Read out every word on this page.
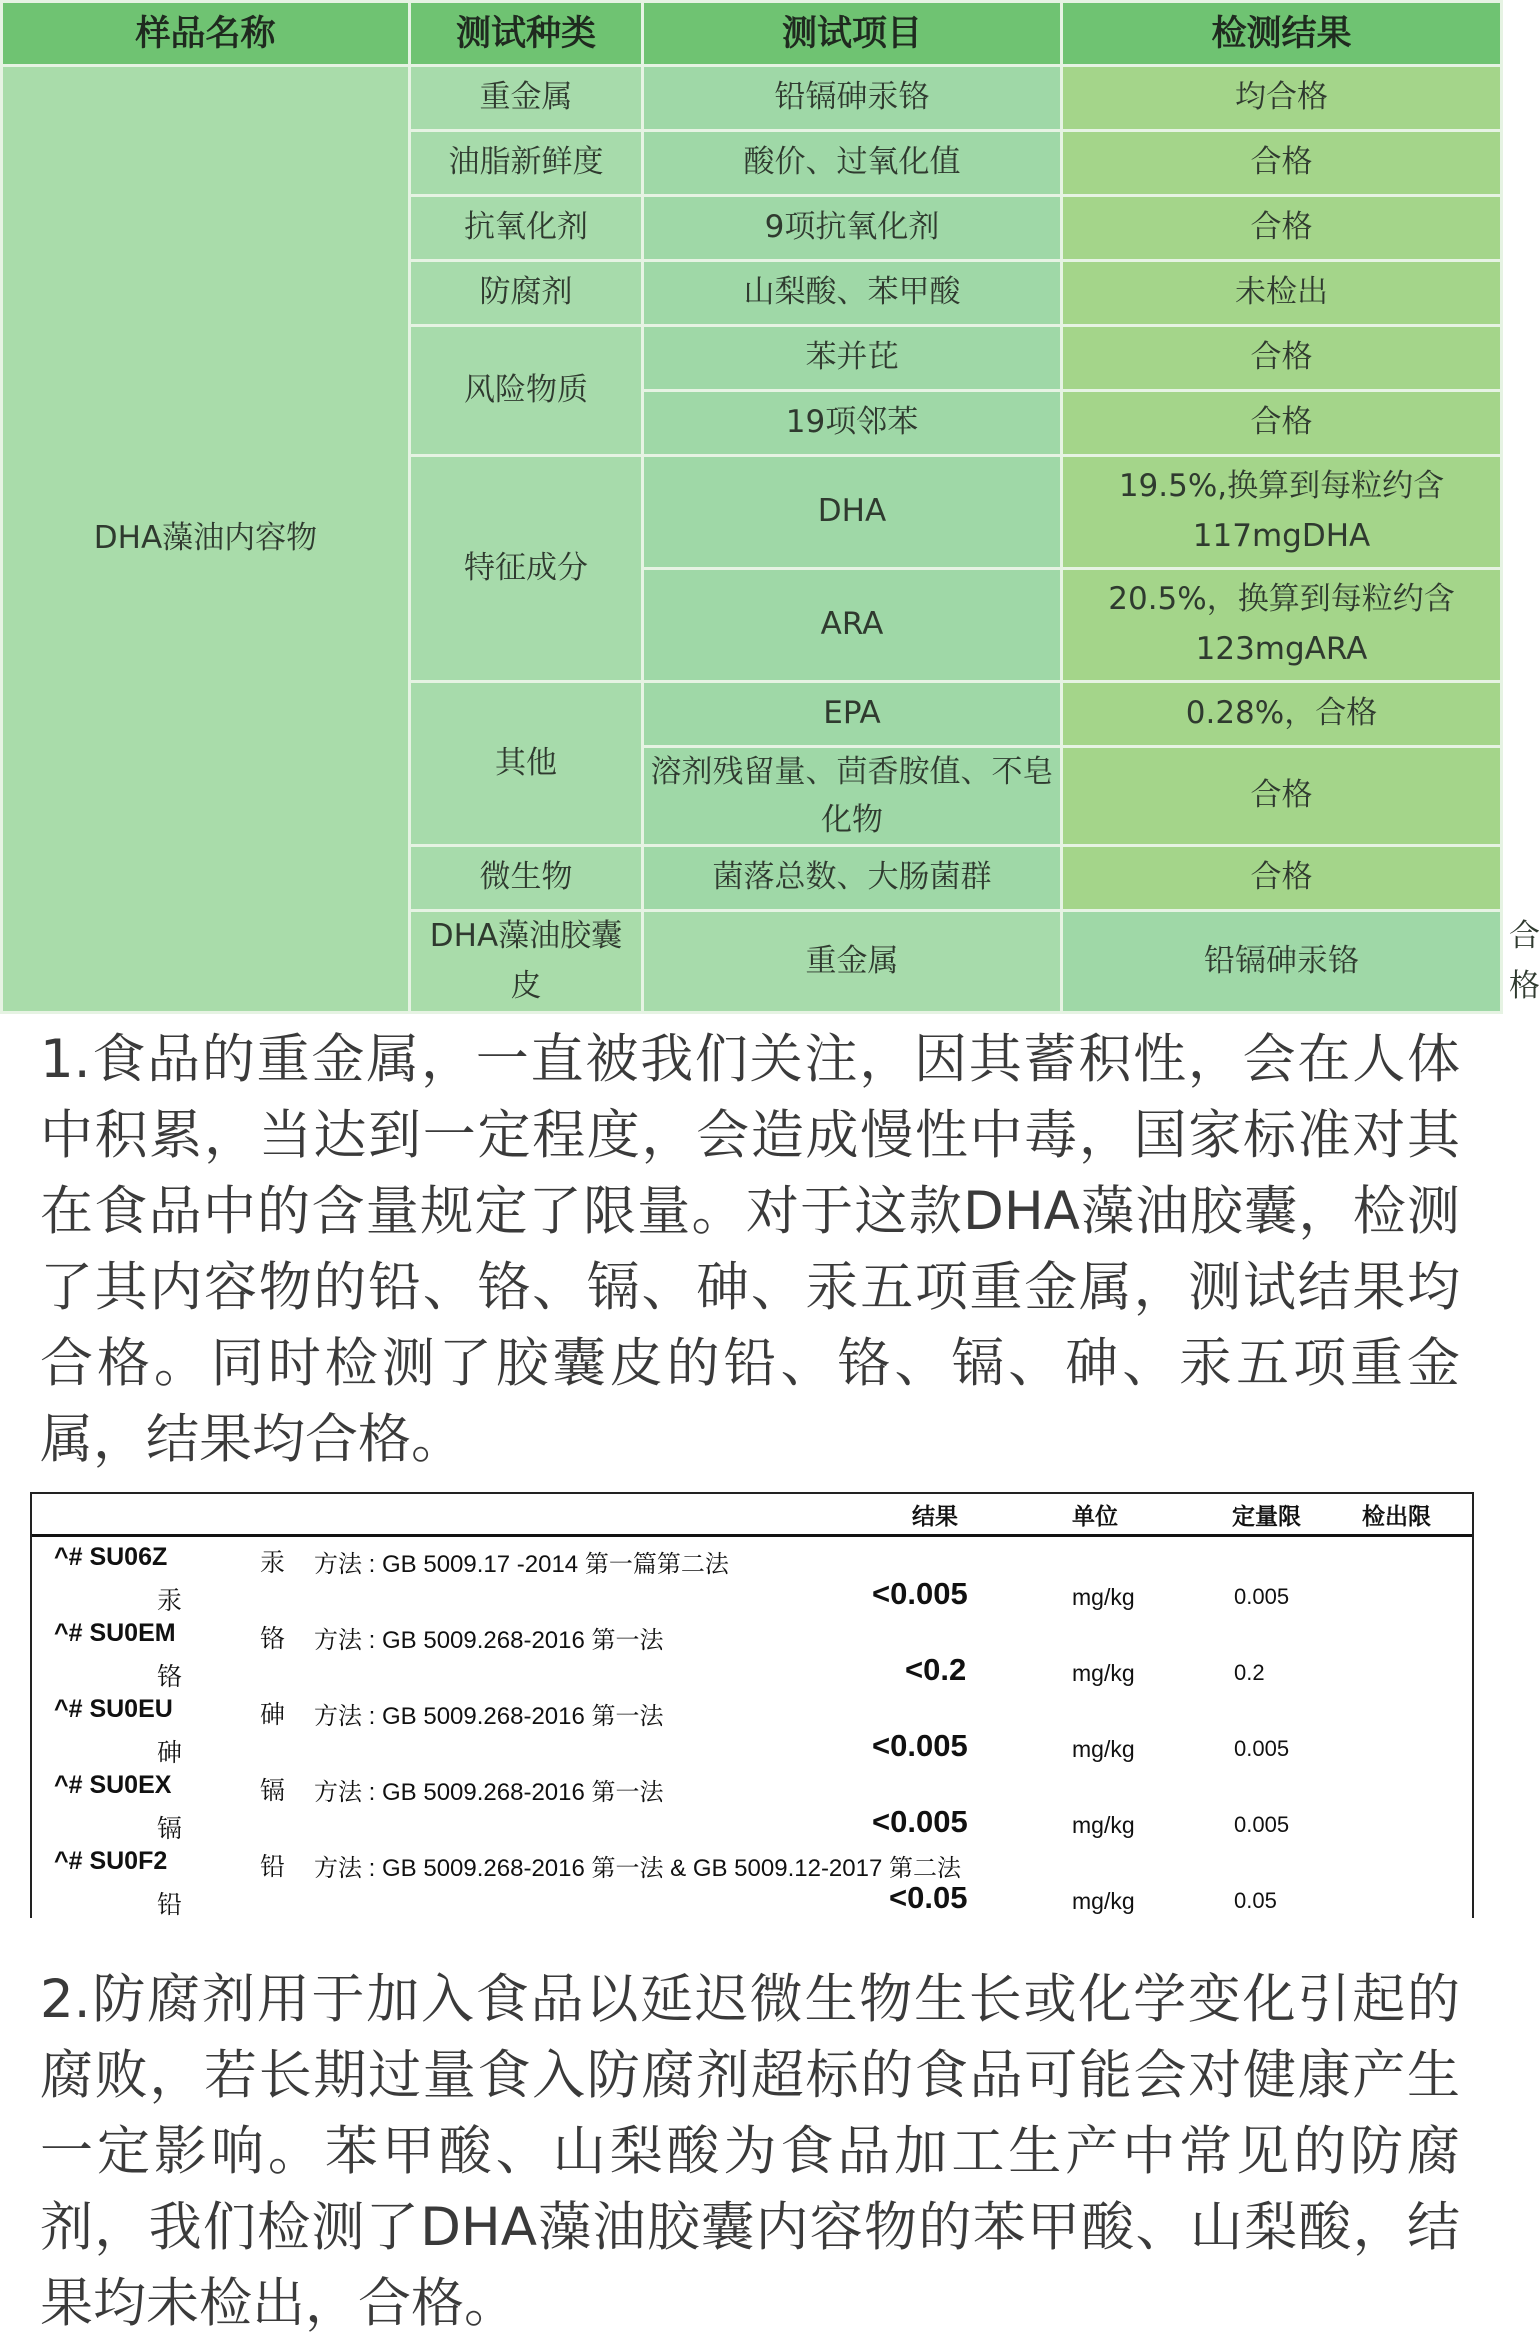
样品名称	测试种类	测试项目	检测结果	
DHA藻油内容物	重金属	铅镉砷汞铬	均合格	
	油脂新鲜度	酸价、过氧化值	合格	
	抗氧化剂	9项抗氧化剂	合格	
	防腐剂	山梨酸、苯甲酸	未检出	
	风险物质	苯并芘	合格	
		19项邻苯	合格	
	特征成分	DHA	19.5%,换算到每粒约含117mgDHA	
		ARA	20.5%，换算到每粒约含123mgARA	
	其他	EPA	0.28%，合格	
		溶剂残留量、茴香胺值、不皂化物	合格	
	微生物	菌落总数、大肠菌群	合格	
	DHA藻油胶囊皮	重金属	铅镉砷汞铬	合格

1.食品的重金属，一直被我们关注，因其蓄积性，会在人体中积累，当达到一定程度，会造成慢性中毒，国家标准对其在食品中的含量规定了限量。对于这款DHA藻油胶囊，检测了其内容物的铅、铬、镉、砷、汞五项重金属，测试结果均合格。同时检测了胶囊皮的铅、铬、镉、砷、汞五项重金属，结果均合格。

结果	单位	定量限	检出限
^# SU06Z	汞 方法 : GB 5009.17 -2014 第一篇第二法
汞	<0.005	mg/kg	0.005
^# SU0EM	铬 方法 : GB 5009.268-2016 第一法
铬	<0.2	mg/kg	0.2
^# SU0EU	砷 方法 : GB 5009.268-2016 第一法
砷	<0.005	mg/kg	0.005
^# SU0EX	镉 方法 : GB 5009.268-2016 第一法
镉	<0.005	mg/kg	0.005
^# SU0F2	铅 方法 : GB 5009.268-2016 第一法 & GB 5009.12-2017 第二法
铅	<0.05	mg/kg	0.05

2.防腐剂用于加入食品以延迟微生物生长或化学变化引起的腐败，若长期过量食入防腐剂超标的食品可能会对健康产生一定影响。苯甲酸、山梨酸为食品加工生产中常见的防腐剂，我们检测了DHA藻油胶囊内容物的苯甲酸、山梨酸，结果均未检出，合格。
